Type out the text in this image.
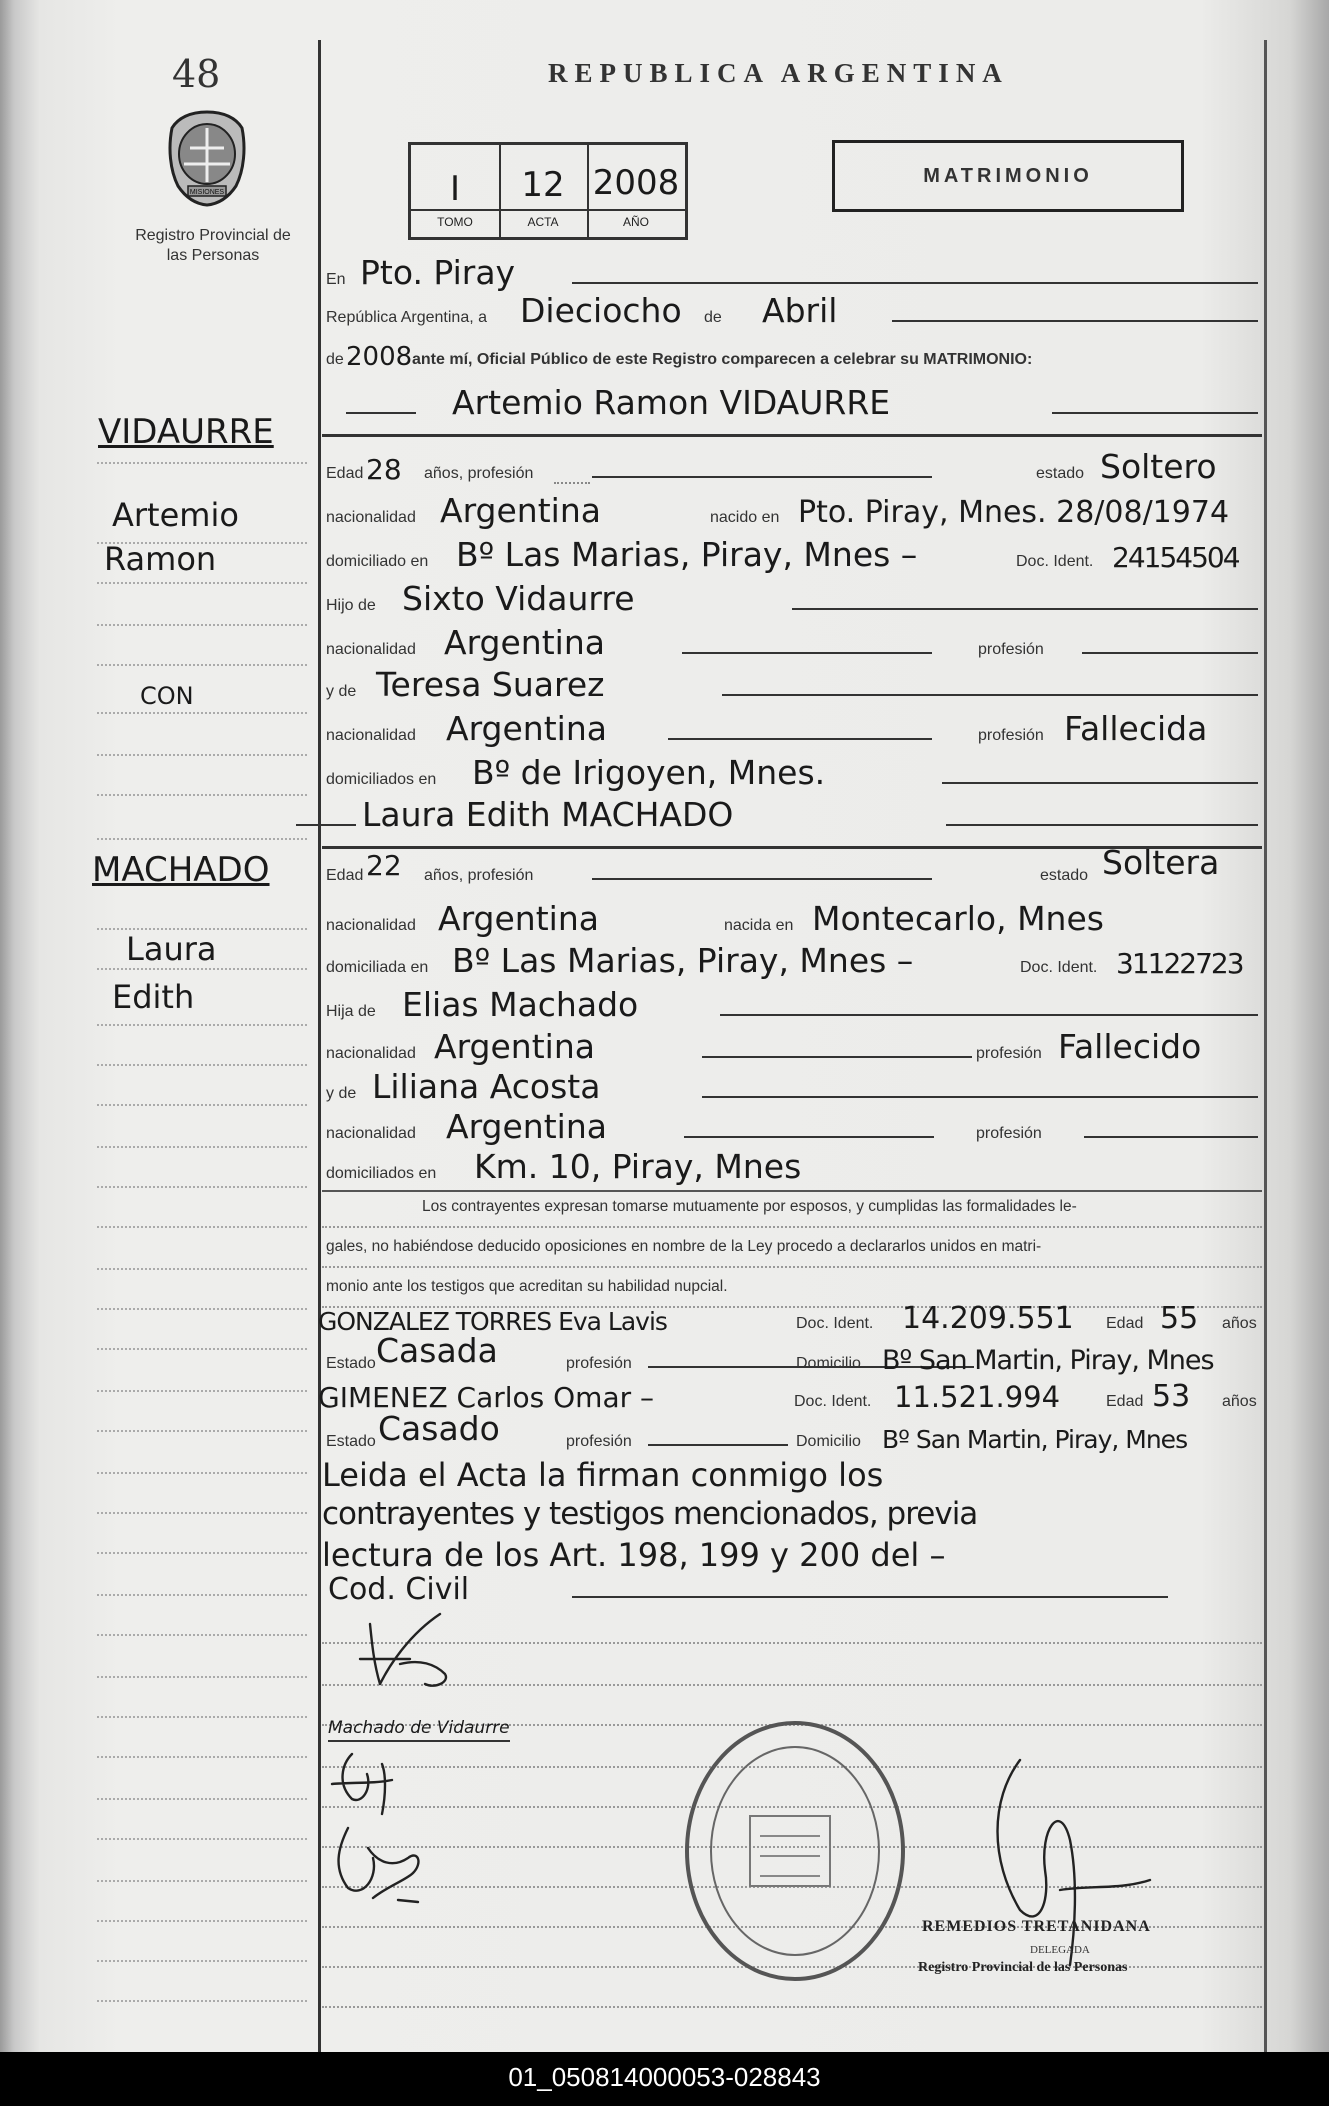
48	REPUBLICA ARGENTINA
MISIONES
Registro Provincial de las Personas
I	12 2008
TOMO	ACTA	AÑO
MATRIMONIO
VIDAURRE
Artemio
Ramon
CON
MACHADO
Laura
Edith
En Pto. Piray
República Argentina, a Dieciocho de Abril
de 2008 ante mí, Oficial Público de este Registro comparecen a celebrar su MATRIMONIO:
Artemio Ramon VIDAURRE
Edad 28 años, profesión	estado Soltero
nacionalidad Argentina	nacido en Pto. Piray, Mnes. 28/08/1974
domiciliado en Bº Las Marias, Piray, Mnes –	Doc. Ident. 24154504
Hijo de Sixto Vidaurre
nacionalidad Argentina	profesión
y de Teresa Suarez
nacionalidad Argentina	profesión Fallecida
domiciliados en Bº de Irigoyen, Mnes.
Laura Edith MACHADO
Edad 22 años, profesión	estado Soltera
nacionalidad Argentina	nacida en Montecarlo, Mnes
domiciliada en Bº Las Marias, Piray, Mnes –	Doc. Ident. 31122723
Hija de Elias Machado
nacionalidad Argentina	profesión Fallecido
y de Liliana Acosta
nacionalidad Argentina	profesión
domiciliados en Km. 10, Piray, Mnes
Los contrayentes expresan tomarse mutuamente por esposos, y cumplidas las formalidades le-
gales, no habiéndose deducido oposiciones en nombre de la Ley procedo a declararlos unidos en matri-
monio ante los testigos que acreditan su habilidad nupcial.
GONZALEZ TORRES Eva Lavis	Doc. Ident. 14.209.551 Edad 55 años
Estado Casada	profesión	Domicilio Bº San Martin, Piray, Mnes
GIMENEZ Carlos Omar –	Doc. Ident. 11.521.994	Edad 53 años
Estado Casado	profesión	Domicilio Bº San Martin, Piray, Mnes
Leida el Acta la firman conmigo los
contrayentes y testigos mencionados, previa
lectura de los Art. 198, 199 y 200 del –
Cod. Civil
Machado de Vidaurre
REMEDIOS TRETANIDANA
DELEGADA
Registro Provincial de las Personas
01_050814000053-028843
